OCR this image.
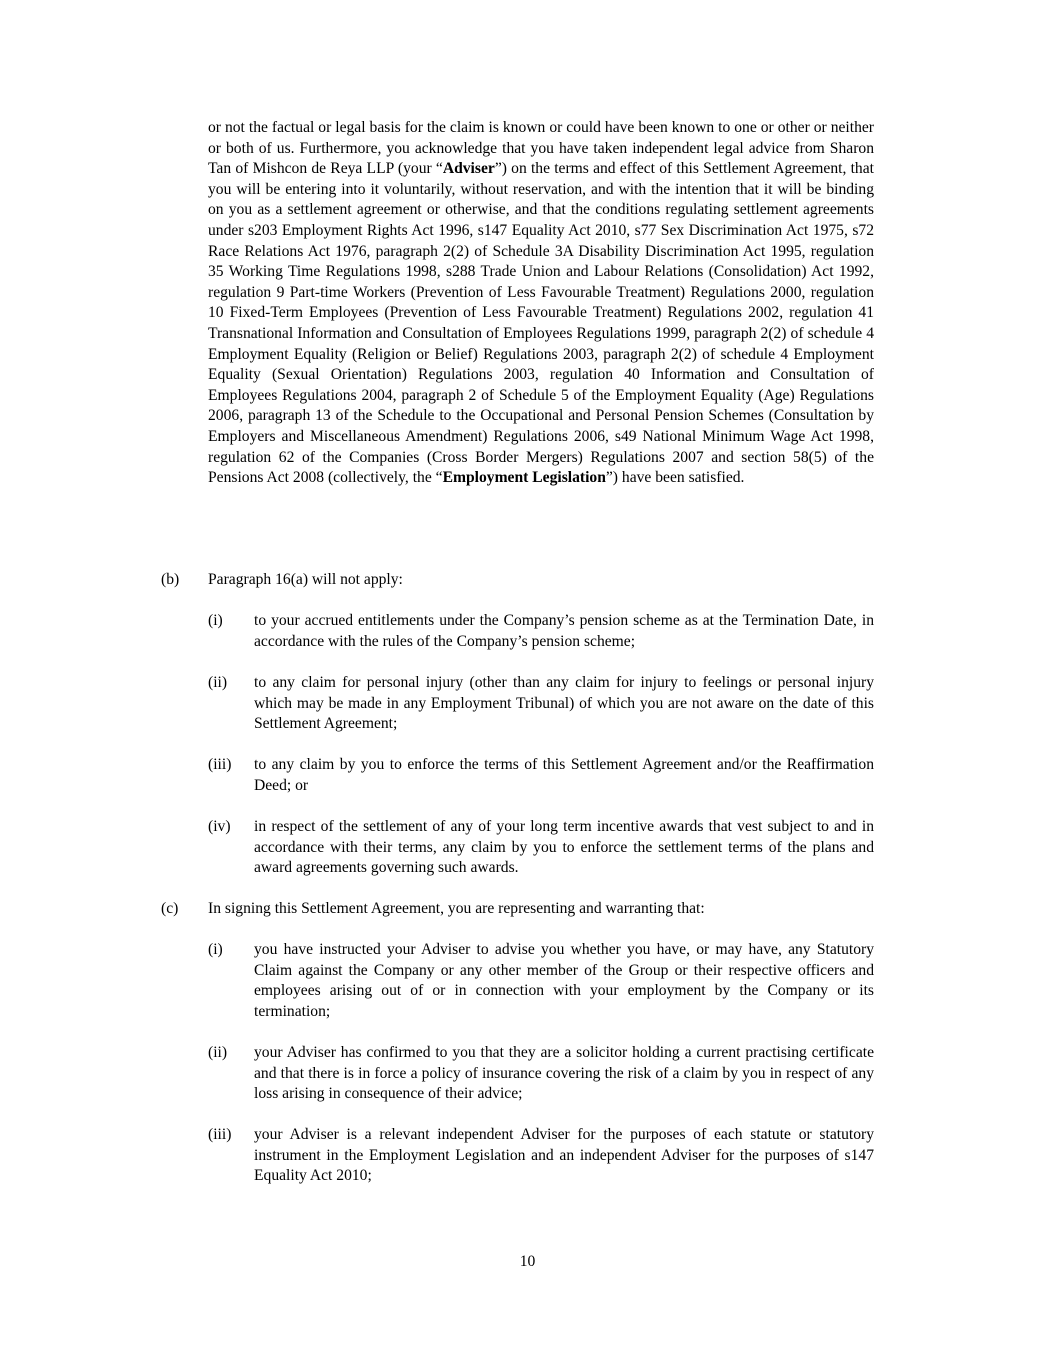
or not the factual or legal basis for the claim is known or could have been known to one or other or neither or both of us. Furthermore, you acknowledge that you have taken independent legal advice from Sharon Tan of Mishcon de Reya LLP (your “Adviser”) on the terms and effect of this Settlement Agreement, that you will be entering into it voluntarily, without reservation, and with the intention that it will be binding on you as a settlement agreement or otherwise, and that the conditions regulating settlement agreements under s203 Employment Rights Act 1996, s147 Equality Act 2010, s77 Sex Discrimination Act 1975, s72 Race Relations Act 1976, paragraph 2(2) of Schedule 3A Disability Discrimination Act 1995, regulation 35 Working Time Regulations 1998, s288 Trade Union and Labour Relations (Consolidation) Act 1992, regulation 9 Part-time Workers (Prevention of Less Favourable Treatment) Regulations 2000, regulation 10 Fixed-Term Employees (Prevention of Less Favourable Treatment) Regulations 2002, regulation 41 Transnational Information and Consultation of Employees Regulations 1999, paragraph 2(2) of schedule 4 Employment Equality (Religion or Belief) Regulations 2003, paragraph 2(2) of schedule 4 Employment Equality (Sexual Orientation) Regulations 2003, regulation 40 Information and Consultation of Employees Regulations 2004, paragraph 2 of Schedule 5 of the Employment Equality (Age) Regulations 2006, paragraph 13 of the Schedule to the Occupational and Personal Pension Schemes (Consultation by Employers and Miscellaneous Amendment) Regulations 2006, s49 National Minimum Wage Act 1998, regulation 62 of the Companies (Cross Border Mergers) Regulations 2007 and section 58(5) of the Pensions Act 2008 (collectively, the “Employment Legislation”) have been satisfied.

(b) Paragraph 16(a) will not apply:
(i) to your accrued entitlements under the Company’s pension scheme as at the Termination Date, in accordance with the rules of the Company’s pension scheme;

(ii) to any claim for personal injury (other than any claim for injury to feelings or personal injury which may be made in any Employment Tribunal) of which you are not aware on the date of this Settlement Agreement;

(iii) to any claim by you to enforce the terms of this Settlement Agreement and/or the Reaffirmation Deed; or

(iv) in respect of the settlement of any of your long term incentive awards that vest subject to and in accordance with their terms, any claim by you to enforce the settlement terms of the plans and award agreements governing such awards.

(c) In signing this Settlement Agreement, you are representing and warranting that:
(i) you have instructed your Adviser to advise you whether you have, or may have, any Statutory Claim against the Company or any other member of the Group or their respective officers and employees arising out of or in connection with your employment by the Company or its termination;

(ii) your Adviser has confirmed to you that they are a solicitor holding a current practising certificate and that there is in force a policy of insurance covering the risk of a claim by you in respect of any loss arising in consequence of their advice;

(iii) your Adviser is a relevant independent Adviser for the purposes of each statute or statutory instrument in the Employment Legislation and an independent Adviser for the purposes of s147 Equality Act 2010;

10
